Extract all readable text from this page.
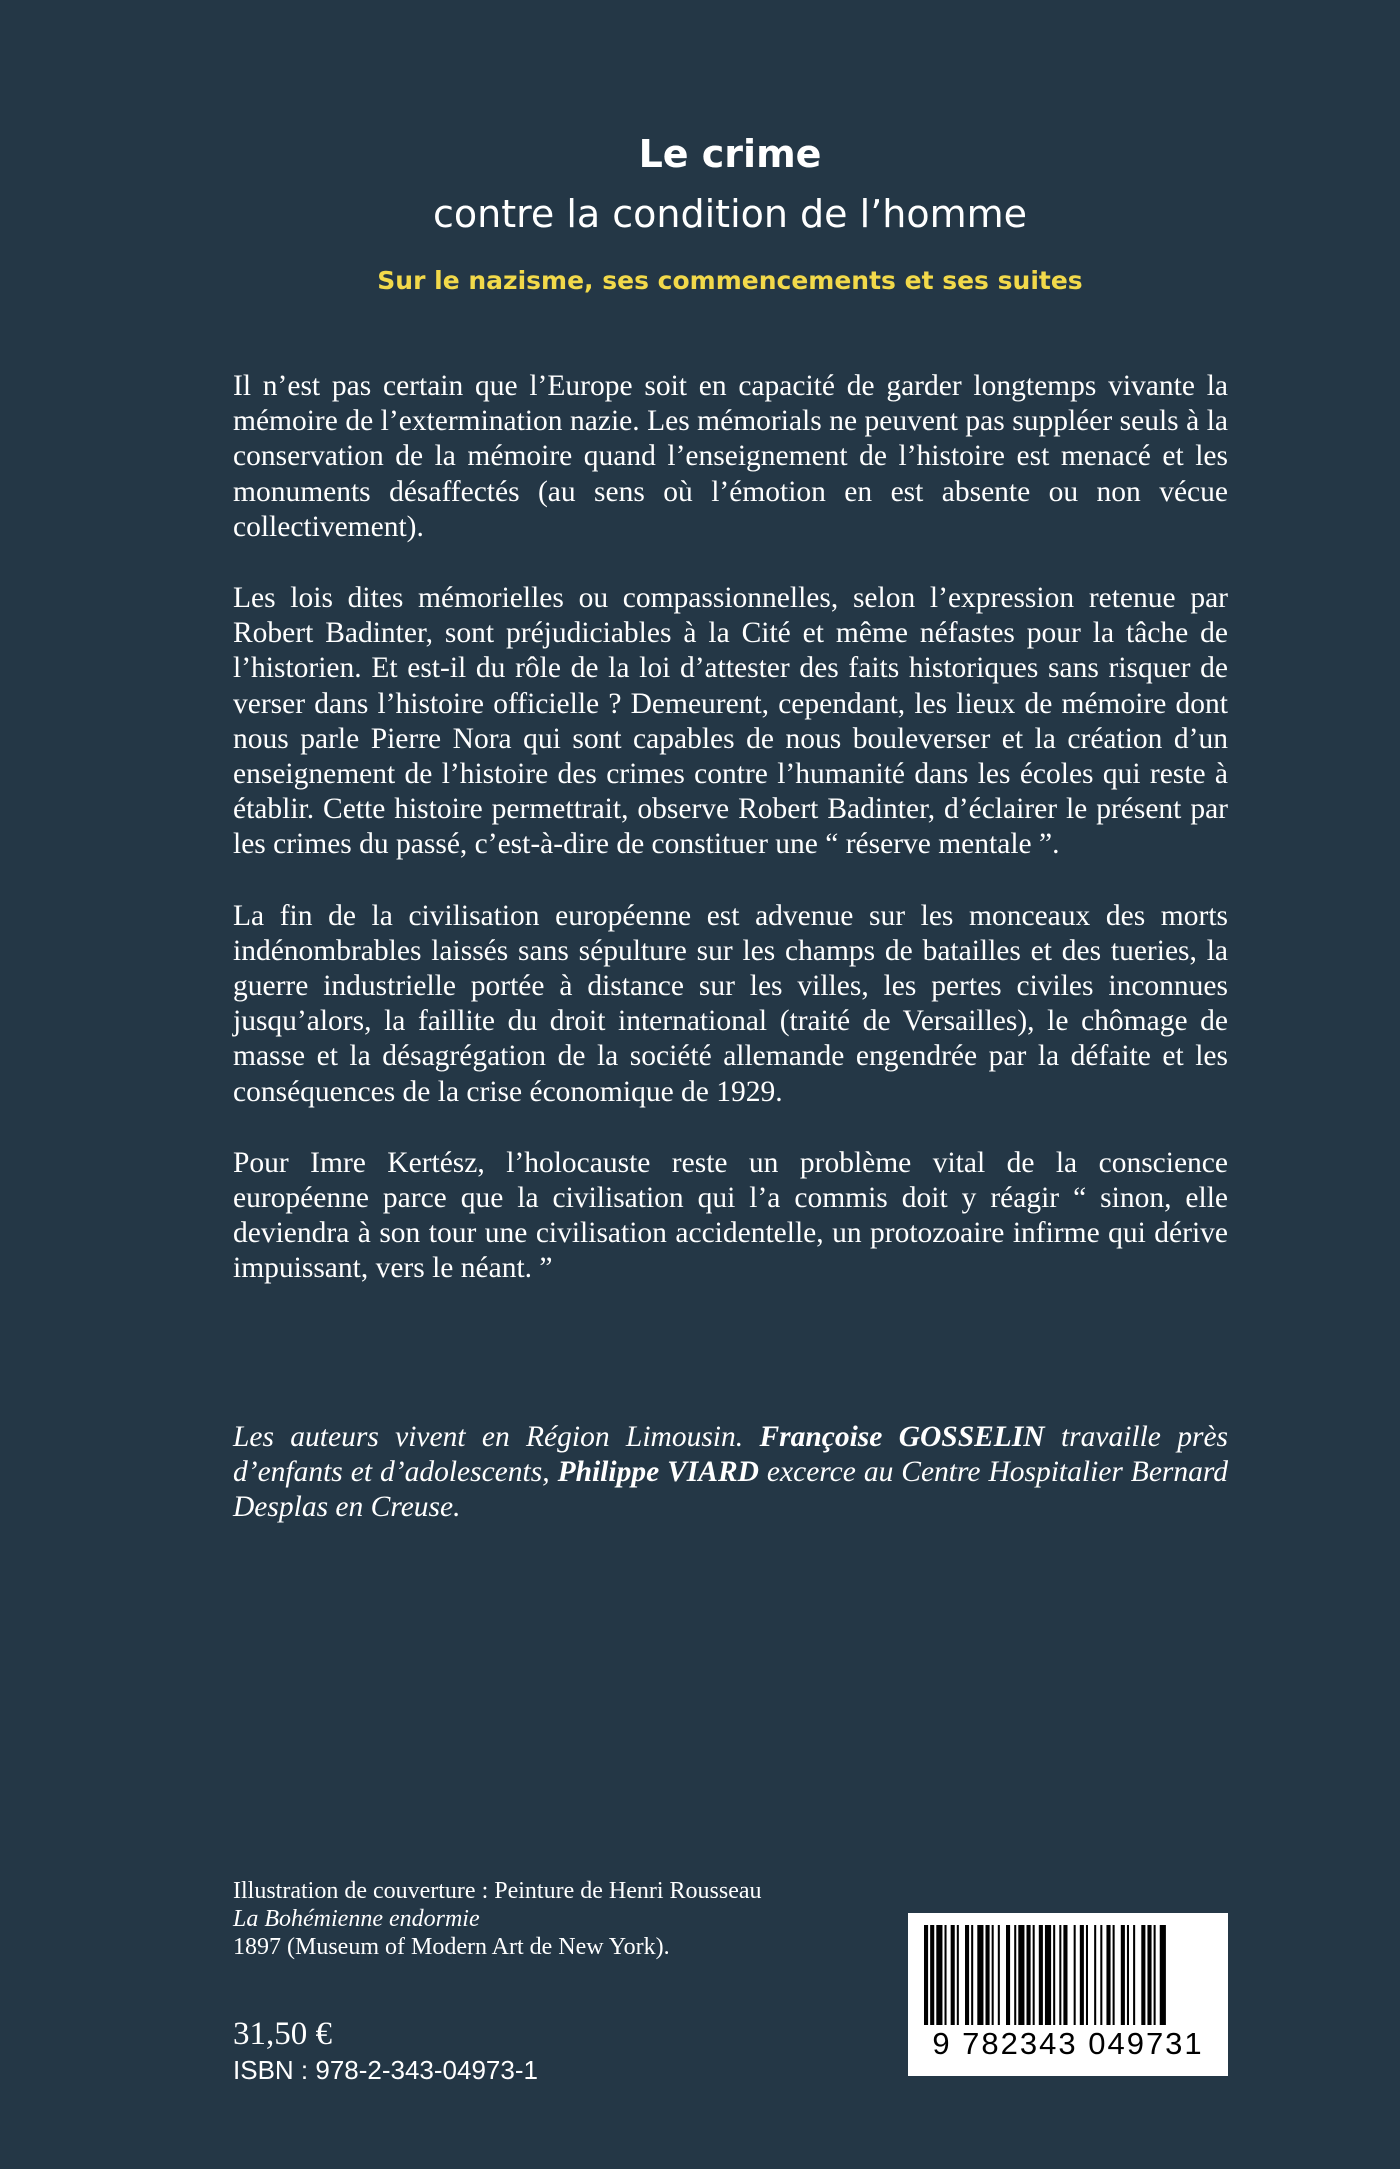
Le crime
contre la condition de l’homme
Sur le nazisme, ses commencements et ses suites

Il n’est pas certain que l’Europe soit en capacité de garder longtemps vivante la mémoire de l’extermination nazie. Les mémorials ne peuvent pas suppléer seuls à la conservation de la mémoire quand l’enseignement de l’histoire est menacé et les monuments désaffectés (au sens où l’émotion en est absente ou non vécue collectivement).

Les lois dites mémorielles ou compassionnelles, selon l’expression retenue par Robert Badinter, sont préjudiciables à la Cité et même néfastes pour la tâche de l’historien. Et est-il du rôle de la loi d’attester des faits historiques sans risquer de verser dans l’histoire officielle ? Demeurent, cependant, les lieux de mémoire dont nous parle Pierre Nora qui sont capables de nous bouleverser et la création d’un enseignement de l’histoire des crimes contre l’humanité dans les écoles qui reste à établir. Cette histoire permettrait, observe Robert Badinter, d’éclairer le présent par les crimes du passé, c’est-à-dire de constituer une “ réserve mentale ”.

La fin de la civilisation européenne est advenue sur les monceaux des morts indénombrables laissés sans sépulture sur les champs de batailles et des tueries, la guerre industrielle portée à distance sur les villes, les pertes civiles inconnues jusqu’alors, la faillite du droit international (traité de Versailles), le chômage de masse et la désagrégation de la société allemande engendrée par la défaite et les conséquences de la crise économique de 1929.

Pour Imre Kertész, l’holocauste reste un problème vital de la conscience européenne parce que la civilisation qui l’a commis doit y réagir “ sinon, elle deviendra à son tour une civilisation accidentelle, un protozoaire infirme qui dérive impuissant, vers le néant. ”

Les auteurs vivent en Région Limousin. Françoise GOSSELIN travaille près d’enfants et d’adolescents, Philippe VIARD excerce au Centre Hospitalier Bernard Desplas en Creuse.
Illustration de couverture : Peinture de Henri Rousseau
La Bohémienne endormie
1897 (Museum of Modern Art de New York).
31,50 €
ISBN : 978-2-343-04973-1
9 782343 049731
